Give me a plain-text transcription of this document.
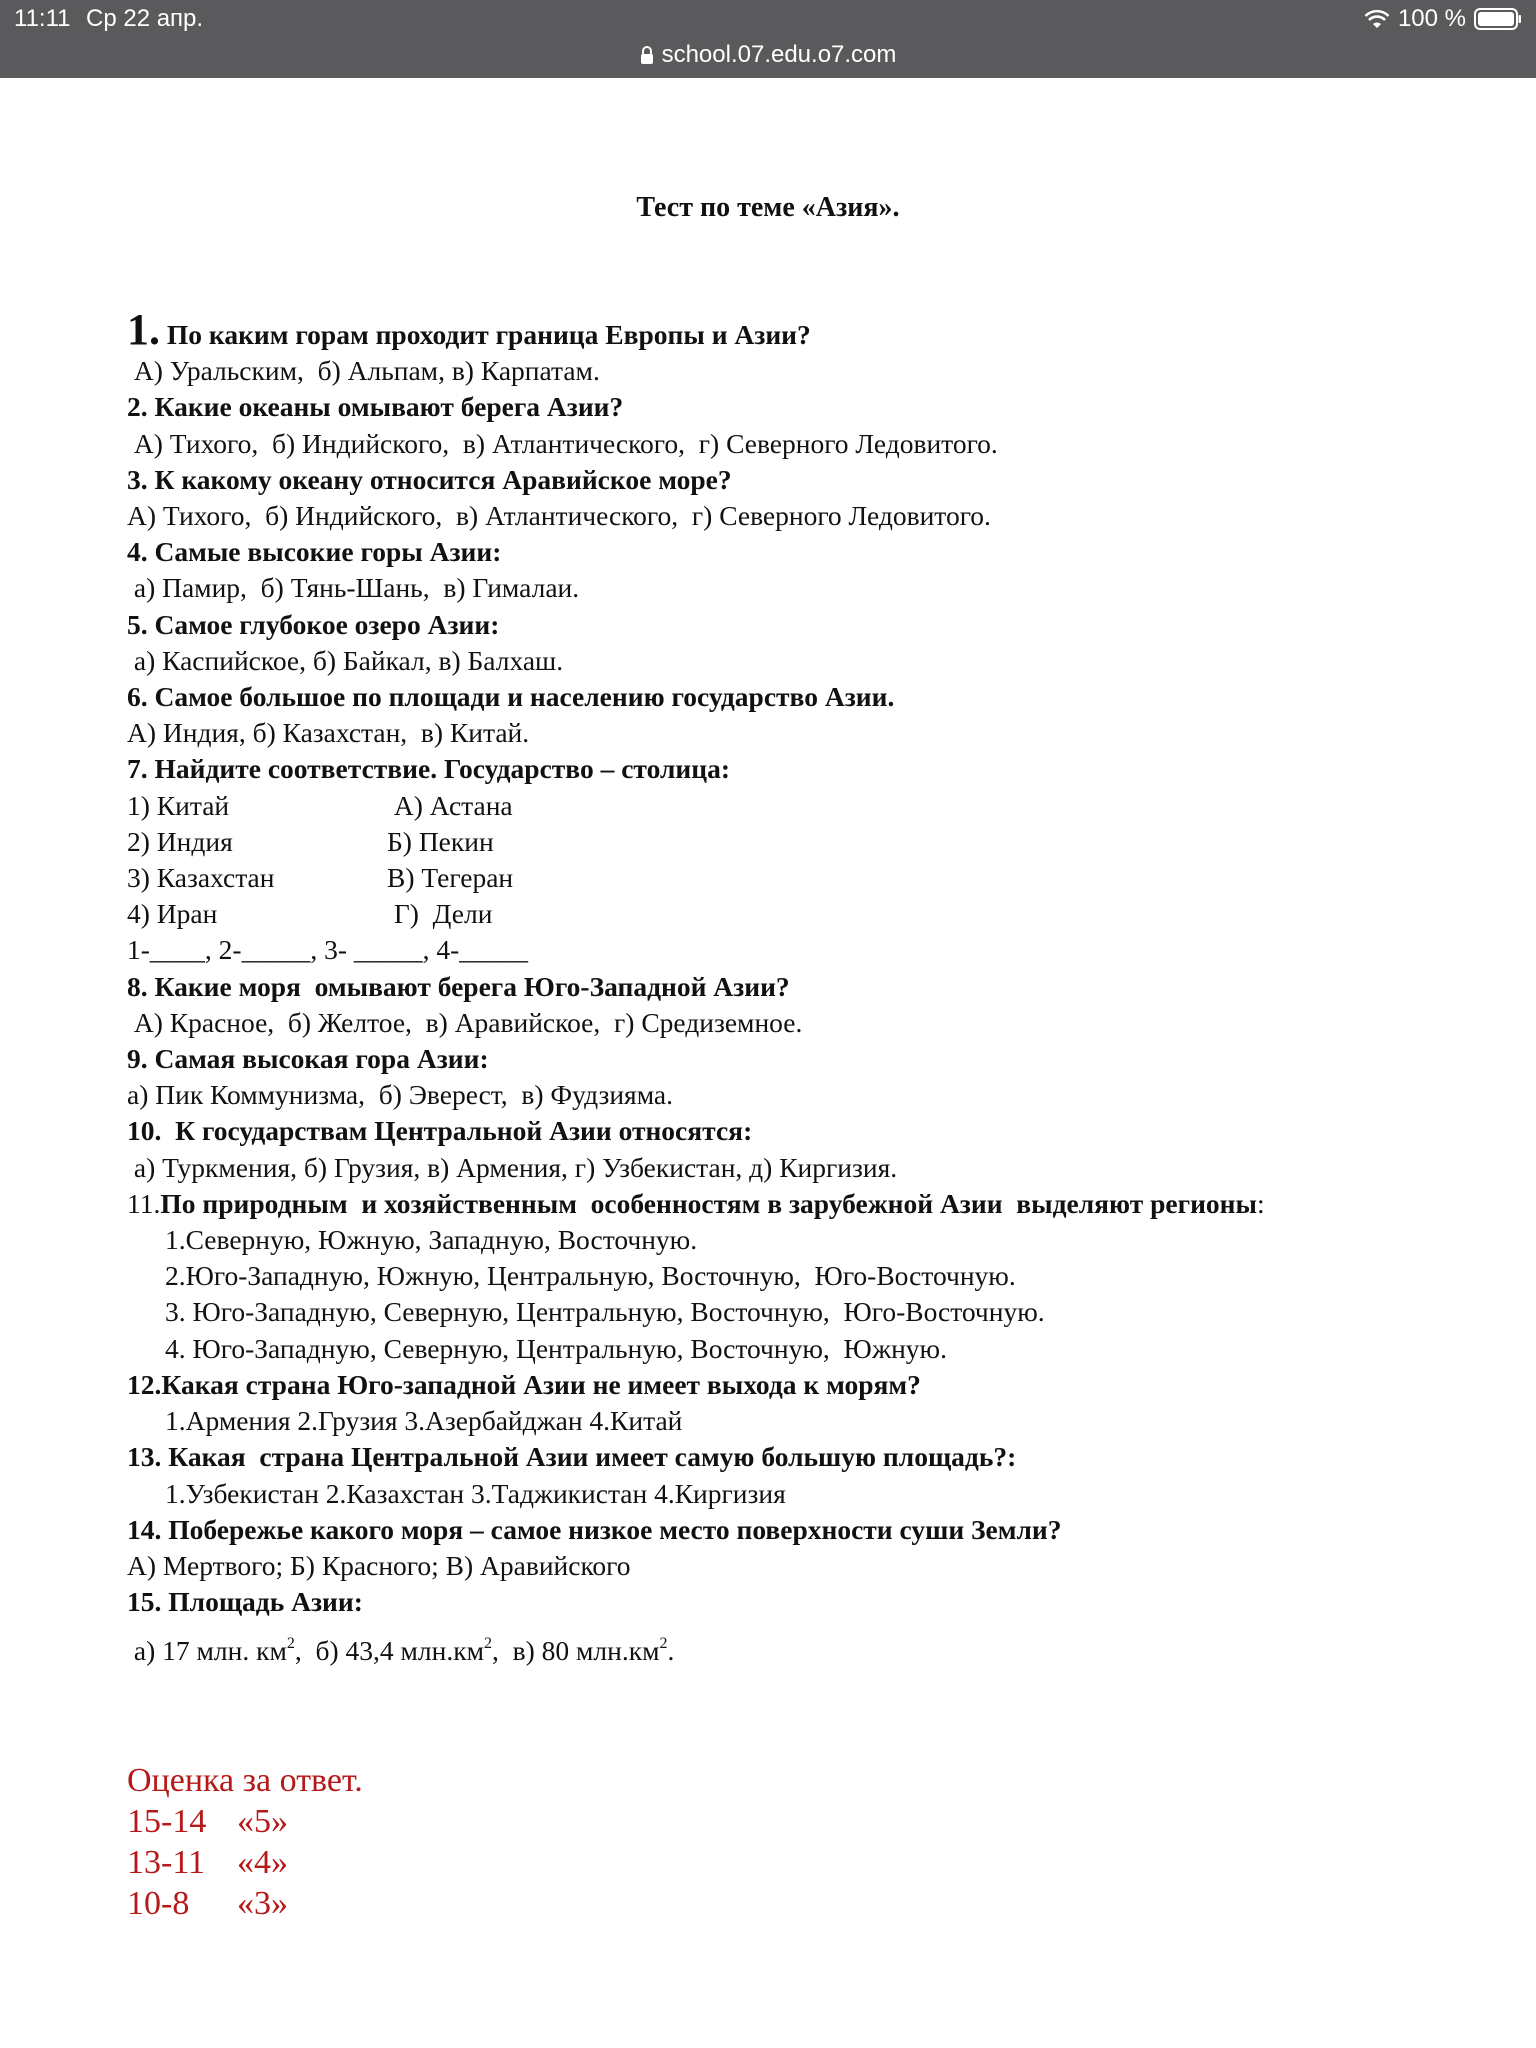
11:11 Ср 22 апр.	100 %
school.07.edu.o7.com
Тест по теме «Азия».
1. По каким горам проходит граница Европы и Азии?
А) Уральским,  б) Альпам, в) Карпатам.
2. Какие океаны омывают берега Азии?
А) Тихого,  б) Индийского,  в) Атлантического,  г) Северного Ледовитого.
3. К какому океану относится Аравийское море?
А) Тихого,  б) Индийского,  в) Атлантического,  г) Северного Ледовитого.
4. Самые высокие горы Азии:
а) Памир,  б) Тянь-Шань,  в) Гималаи.
5. Самое глубокое озеро Азии:
а) Каспийское, б) Байкал, в) Балхаш.
6. Самое большое по площади и населению государство Азии.
А) Индия, б) Казахстан,  в) Китай.
7. Найдите соответствие. Государство – столица:
1) Китай	А) Астана
2) Индия	Б) Пекин
3) Казахстан	В) Тегеран
4) Иран	Г)  Дели
1-____, 2-_____, 3- _____, 4-_____
8. Какие моря  омывают берега Юго-Западной Азии?
А) Красное,  б) Желтое,  в) Аравийское,  г) Средиземное.
9. Самая высокая гора Азии:
а) Пик Коммунизма,  б) Эверест,  в) Фудзияма.
10.  К государствам Центральной Азии относятся:
а) Туркмения, б) Грузия, в) Армения, г) Узбекистан, д) Киргизия.
11.По природным  и хозяйственным  особенностям в зарубежной Азии  выделяют регионы:
1.Северную, Южную, Западную, Восточную.
2.Юго-Западную, Южную, Центральную, Восточную,  Юго-Восточную.
3. Юго-Западную, Северную, Центральную, Восточную,  Юго-Восточную.
4. Юго-Западную, Северную, Центральную, Восточную,  Южную.
12.Какая страна Юго-западной Азии не имеет выхода к морям?
1.Армения 2.Грузия 3.Азербайджан 4.Китай
13. Какая  страна Центральной Азии имеет самую большую площадь?:
1.Узбекистан 2.Казахстан 3.Таджикистан 4.Киргизия
14. Побережье какого моря – самое низкое место поверхности суши Земли?
А) Мертвого; Б) Красного; В) Аравийского
15. Площадь Азии:
а) 17 млн. $км^2$,  б) 43,4 $млн.км^2$,  в) 80 $млн.км^2$.
Оценка за ответ.
15-14 «5»
13-11 «4»
10-8	«3»
